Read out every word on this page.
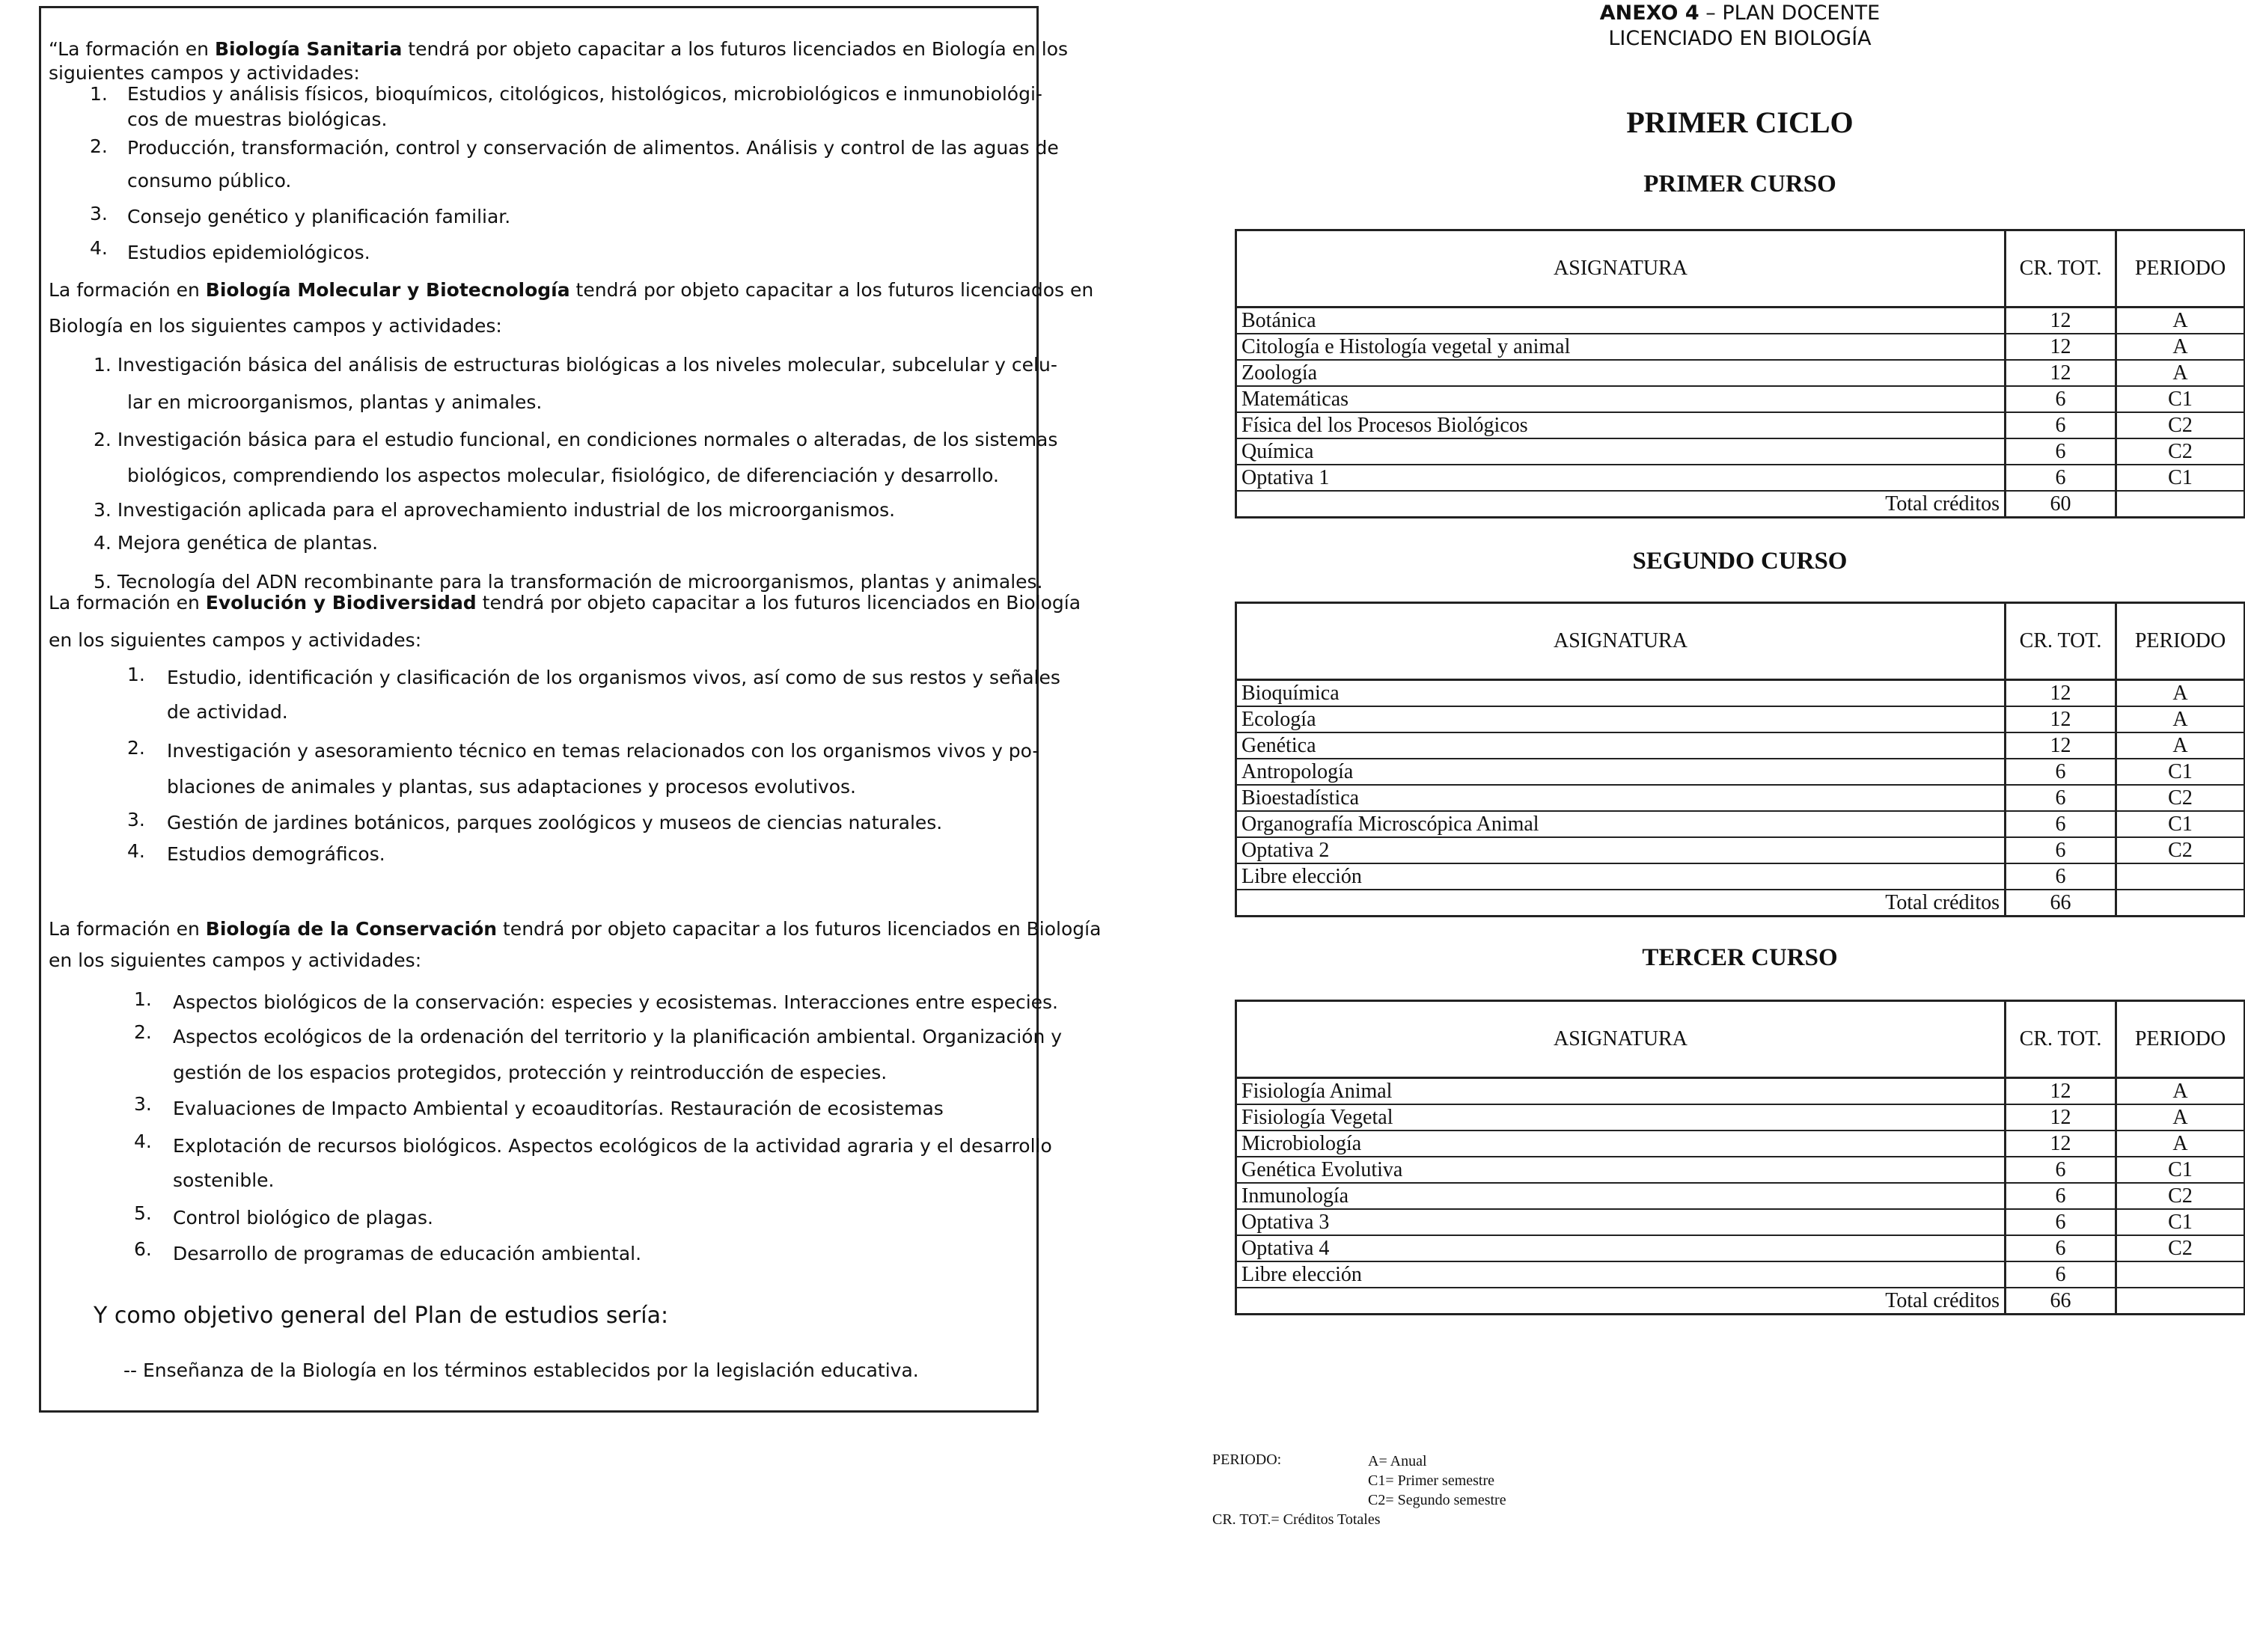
“La formación en Biología Sanitaria tendrá por objeto capacitar a los futuros licenciados en Biología en los
siguientes campos y actividades:
1. Estudios y análisis físicos, bioquímicos, citológicos, histológicos, microbiológicos e inmunobiológi-
cos de muestras biológicas.
2. Producción, transformación, control y conservación de alimentos. Análisis y control de las aguas de
consumo público.
3. Consejo genético y planificación familiar.
4. Estudios epidemiológicos.
La formación en Biología Molecular y Biotecnología tendrá por objeto capacitar a los futuros licenciados en
Biología en los siguientes campos y actividades:
1. Investigación básica del análisis de estructuras biológicas a los niveles molecular, subcelular y celu-
lar en microorganismos, plantas y animales.
2. Investigación básica para el estudio funcional, en condiciones normales o alteradas, de los sistemas
biológicos, comprendiendo los aspectos molecular, fisiológico, de diferenciación y desarrollo.
3. Investigación aplicada para el aprovechamiento industrial de los microorganismos.
4. Mejora genética de plantas.
5. Tecnología del ADN recombinante para la transformación de microorganismos, plantas y animales.
La formación en Evolución y Biodiversidad tendrá por objeto capacitar a los futuros licenciados en Biología
en los siguientes campos y actividades:
1. Estudio, identificación y clasificación de los organismos vivos, así como de sus restos y señales
de actividad.
2. Investigación y asesoramiento técnico en temas relacionados con los organismos vivos y po-
blaciones de animales y plantas, sus adaptaciones y procesos evolutivos.
3. Gestión de jardines botánicos, parques zoológicos y museos de ciencias naturales.
4. Estudios demográficos.
La formación en Biología de la Conservación tendrá por objeto capacitar a los futuros licenciados en Biología
en los siguientes campos y actividades:
1. Aspectos biológicos de la conservación: especies y ecosistemas. Interacciones entre especies.
2. Aspectos ecológicos de la ordenación del territorio y la planificación ambiental. Organización y
gestión de los espacios protegidos, protección y reintroducción de especies.
3. Evaluaciones de Impacto Ambiental y ecoauditorías. Restauración de ecosistemas
4. Explotación de recursos biológicos. Aspectos ecológicos de la actividad agraria y el desarrollo
sostenible.
5. Control biológico de plagas.
6. Desarrollo de programas de educación ambiental.
Y como objetivo general del Plan de estudios sería:
-- Enseñanza de la Biología en los términos establecidos por la legislación educativa.
ANEXO 4 – PLAN DOCENTE
LICENCIADO EN BIOLOGÍA
PRIMER CICLO
PRIMER CURSO
ASIGNATURA	CR. TOT.	PERIODO
Botánica	12	A
Citología e Histología vegetal y animal	12	A
Zoología	12	A
Matemáticas	6	C1
Física del los Procesos Biológicos	6	C2
Química	6	C2
Optativa 1	6	C1
Total créditos	60	
SEGUNDO CURSO
ASIGNATURA	CR. TOT.	PERIODO
Bioquímica	12	A
Ecología	12	A
Genética	12	A
Antropología	6	C1
Bioestadística	6	C2
Organografía Microscópica Animal	6	C1
Optativa 2	6	C2
Libre elección	6	
Total créditos	66	
TERCER CURSO
ASIGNATURA	CR. TOT.	PERIODO
Fisiología Animal	12	A
Fisiología Vegetal	12	A
Microbiología	12	A
Genética Evolutiva	6	C1
Inmunología	6	C2
Optativa 3	6	C1
Optativa 4	6	C2
Libre elección	6	
Total créditos	66	
PERIODO:	A= Anual
C1= Primer semestre
C2= Segundo semestre
CR. TOT.= Créditos Totales
